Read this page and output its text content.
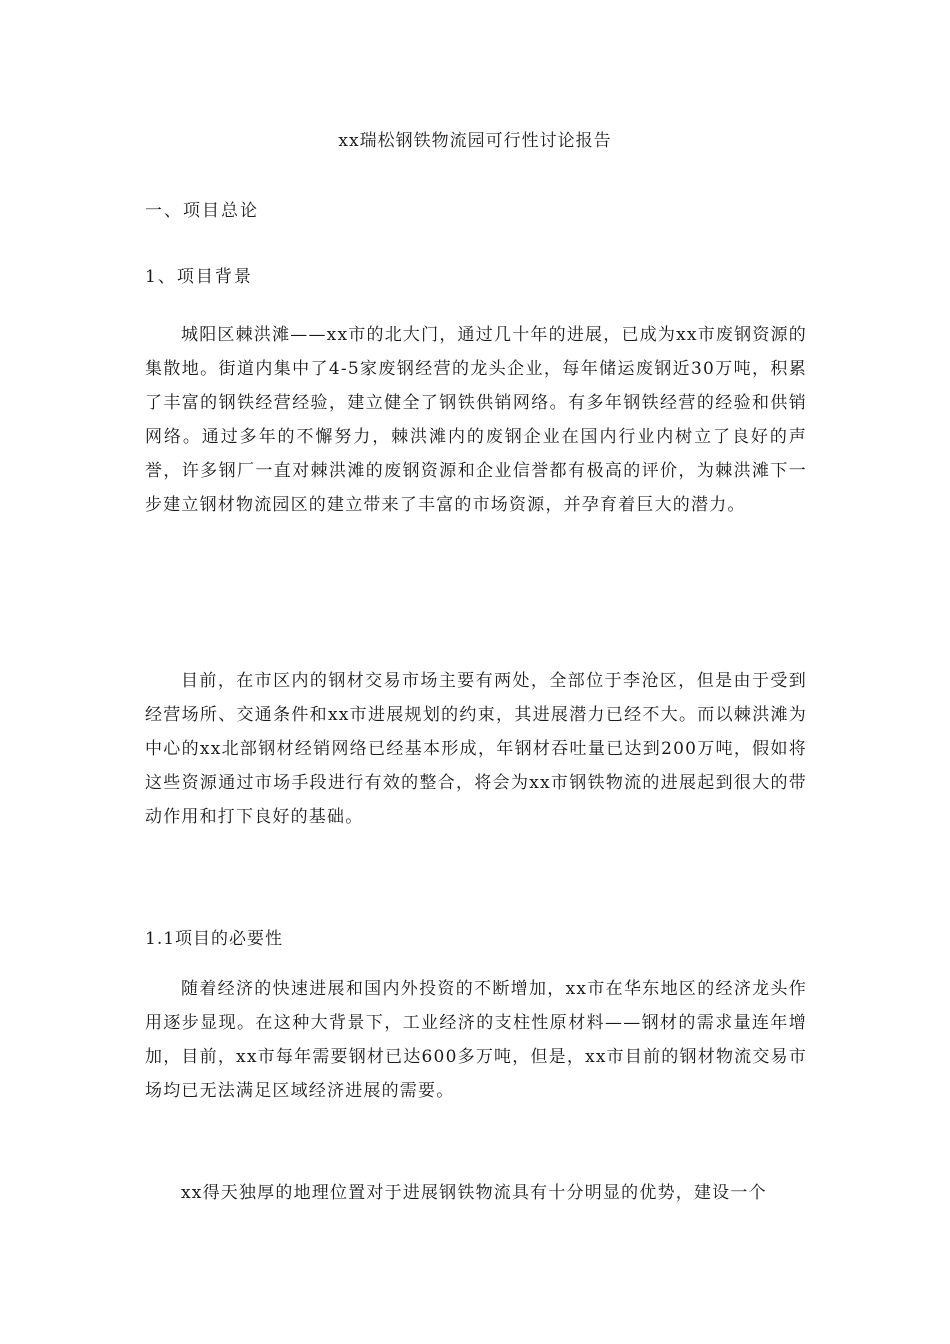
xx瑞松钢铁物流园可行性讨论报告
一、项目总论
1、项目背景

城阳区棘洪滩——xx市的北大门，通过几十年的进展，已成为xx市废钢资源的集散地。街道内集中了4-5家废钢经营的龙头企业，每年储运废钢近30万吨，积累了丰富的钢铁经营经验，建立健全了钢铁供销网络。有多年钢铁经营的经验和供销网络。通过多年的不懈努力，棘洪滩内的废钢企业在国内行业内树立了良好的声誉，许多钢厂一直对棘洪滩的废钢资源和企业信誉都有极高的评价，为棘洪滩下一步建立钢材物流园区的建立带来了丰富的市场资源，并孕育着巨大的潜力。

目前，在市区内的钢材交易市场主要有两处，全部位于李沧区，但是由于受到经营场所、交通条件和xx市进展规划的约束，其进展潜力已经不大。而以棘洪滩为中心的xx北部钢材经销网络已经基本形成，年钢材吞吐量已达到200万吨，假如将这些资源通过市场手段进行有效的整合，将会为xx市钢铁物流的进展起到很大的带动作用和打下良好的基础。

1.1项目的必要性

随着经济的快速进展和国内外投资的不断增加，xx市在华东地区的经济龙头作用逐步显现。在这种大背景下，工业经济的支柱性原材料——钢材的需求量连年增加，目前，xx市每年需要钢材已达600多万吨，但是，xx市目前的钢材物流交易市场均已无法满足区域经济进展的需要。

xx得天独厚的地理位置对于进展钢铁物流具有十分明显的优势，建设一个
